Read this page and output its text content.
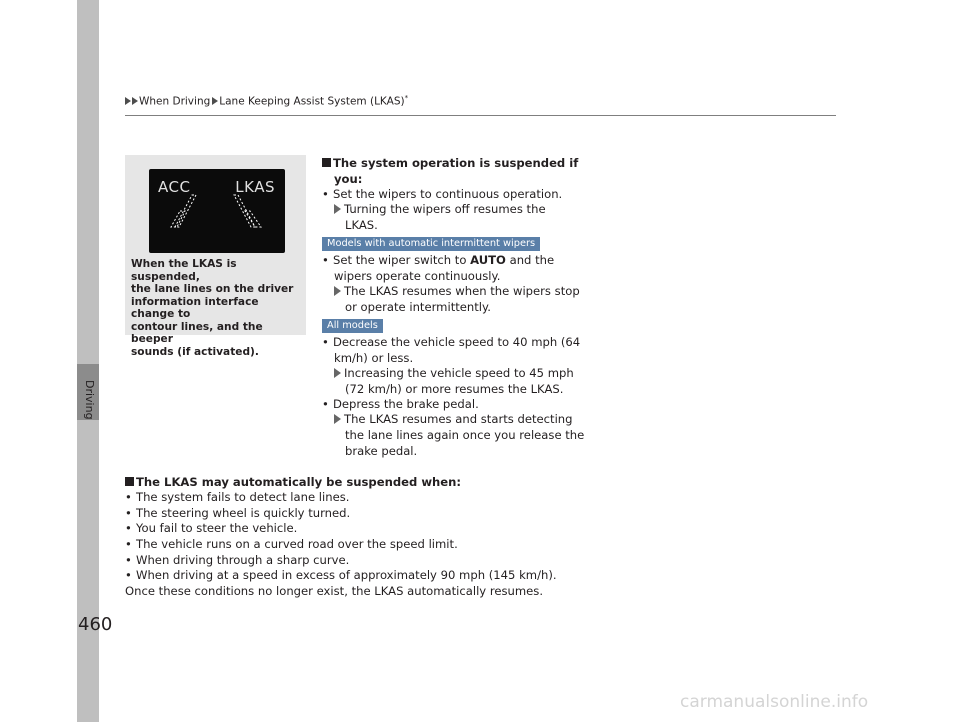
Driving
When Driving Lane Keeping Assist System (LKAS)*
ACC	LKAS
When the LKAS is suspended,
the lane lines on the driver
information interface change to
contour lines, and the beeper
sounds (if activated).
The system operation is suspended if
you:
• Set the wipers to continuous operation.
Turning the wipers off resumes the
LKAS.
Models with automatic intermittent wipers
• Set the wiper switch to AUTO and the
wipers operate continuously.
The LKAS resumes when the wipers stop
or operate intermittently.
All models
• Decrease the vehicle speed to 40 mph (64
km/h) or less.
Increasing the vehicle speed to 45 mph
(72 km/h) or more resumes the LKAS.
• Depress the brake pedal.
The LKAS resumes and starts detecting
the lane lines again once you release the
brake pedal.
The LKAS may automatically be suspended when:
• The system fails to detect lane lines.
• The steering wheel is quickly turned.
• You fail to steer the vehicle.
• The vehicle runs on a curved road over the speed limit.
• When driving through a sharp curve.
• When driving at a speed in excess of approximately 90 mph (145 km/h).
Once these conditions no longer exist, the LKAS automatically resumes.
460
carmanualsonline.info
